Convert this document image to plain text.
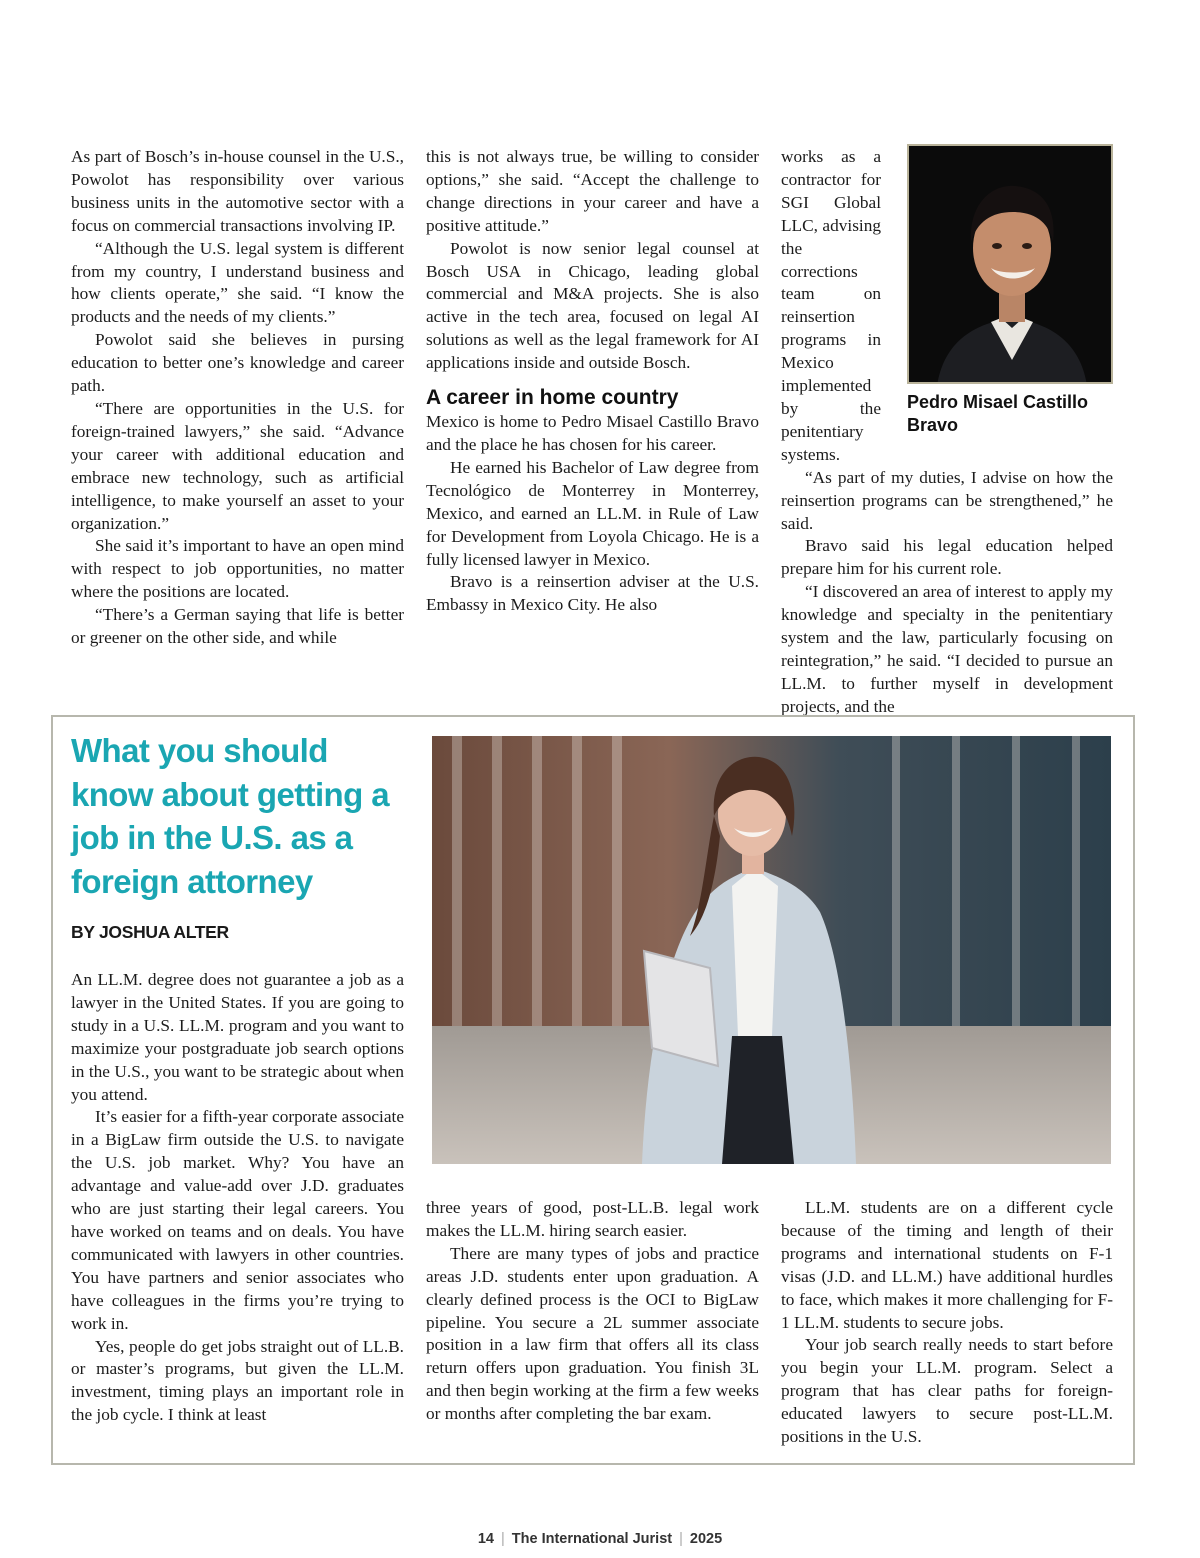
As part of Bosch’s in-house counsel in the U.S., Powolot has responsibility over various business units in the automotive sector with a focus on commercial transactions involving IP.

“Although the U.S. legal system is different from my country, I understand business and how clients operate,” she said. “I know the products and the needs of my clients.”

Powolot said she believes in pursing education to better one’s knowledge and career path.

“There are opportunities in the U.S. for foreign-trained lawyers,” she said. “Advance your career with additional education and embrace new technology, such as artificial intelligence, to make yourself an asset to your organization.”

She said it’s important to have an open mind with respect to job opportunities, no matter where the positions are located.

“There’s a German saying that life is better or greener on the other side, and while

this is not always true, be willing to consider options,” she said. “Accept the challenge to change directions in your career and have a positive attitude.”

Powolot is now senior legal counsel at Bosch USA in Chicago, leading global commercial and M&A projects. She is also active in the tech area, focused on legal AI solutions as well as the legal framework for AI applications inside and outside Bosch.

A career in home country

Mexico is home to Pedro Misael Castillo Bravo and the place he has chosen for his career.

He earned his Bachelor of Law degree from Tecnológico de Monterrey in Monterrey, Mexico, and earned an LL.M. in Rule of Law for Development from Loyola Chicago. He is a fully licensed lawyer in Mexico.

Bravo is a reinsertion adviser at the U.S. Embassy in Mexico City. He also

Pedro Misael Castillo Bravo

works as a contractor for SGI Global LLC, advising the corrections team on reinsertion programs in Mexico implemented by the penitentiary systems.

“As part of my duties, I advise on how the reinsertion programs can be strengthened,” he said.

Bravo said his legal education helped prepare him for his current role.

“I discovered an area of interest to apply my knowledge and specialty in the penitentiary system and the law, particularly focusing on reintegration,” he said. “I decided to pursue an LL.M. to further myself in development projects, and the

What you should know about getting a job in the U.S. as a foreign attorney
BY JOSHUA ALTER

An LL.M. degree does not guarantee a job as a lawyer in the United States. If you are going to study in a U.S. LL.M. program and you want to maximize your postgraduate job search options in the U.S., you want to be strategic about when you attend.

It’s easier for a fifth-year corporate associate in a BigLaw firm outside the U.S. to navigate the U.S. job market. Why? You have an advantage and value-add over J.D. graduates who are just starting their legal careers. You have worked on teams and on deals. You have communicated with lawyers in other countries. You have partners and senior associates who have colleagues in the firms you’re trying to work in.

Yes, people do get jobs straight out of LL.B. or master’s programs, but given the LL.M. investment, timing plays an important role in the job cycle. I think at least

three years of good, post-LL.B. legal work makes the LL.M. hiring search easier.

There are many types of jobs and practice areas J.D. students enter upon graduation. A clearly defined process is the OCI to BigLaw pipeline. You secure a 2L summer associate position in a law firm that offers all its class return offers upon graduation. You finish 3L and then begin working at the firm a few weeks or months after completing the bar exam.

LL.M. students are on a different cycle because of the timing and length of their programs and international students on F-1 visas (J.D. and LL.M.) have additional hurdles to face, which makes it more challenging for F-1 LL.M. students to secure jobs.

Your job search really needs to start before you begin your LL.M. program. Select a program that has clear paths for foreign-educated lawyers to secure post-LL.M. positions in the U.S.

14 | The International Jurist | 2025
